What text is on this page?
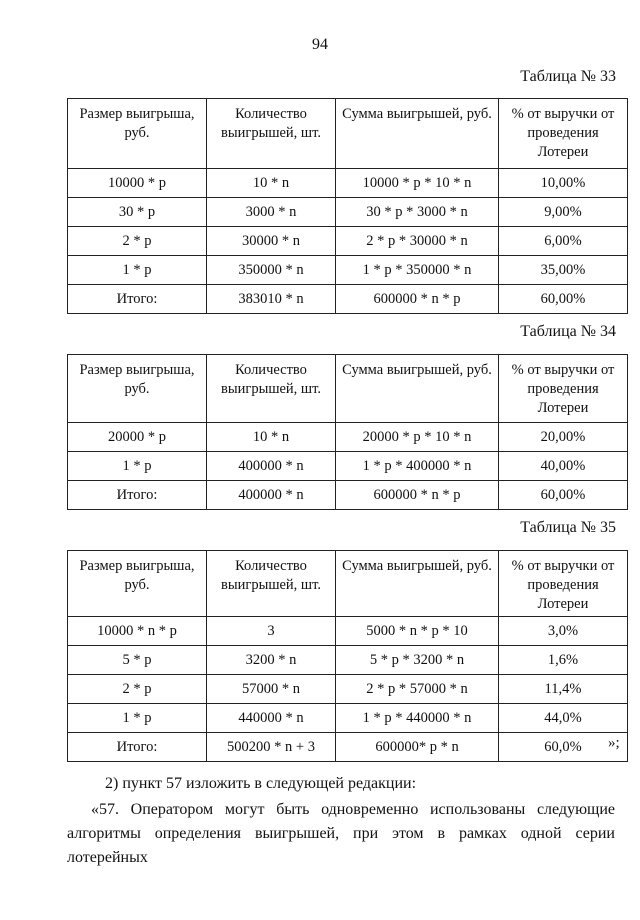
94
Таблица № 33
Размер выигрыша, руб.	Количество выигрышей, шт.	Сумма выигрышей, руб.	% от выручки от проведения Лотереи
10000 * p	10 * n	10000 * p * 10 * n	10,00%
30 * p	3000 * n	30 * p * 3000 * n	9,00%
2 * p	30000 * n	2 * p * 30000 * n	6,00%
1 * p	350000 * n	1 * p * 350000 * n	35,00%
Итого:	383010 * n	600000 * n * p	60,00%
Таблица № 34
Размер выигрыша, руб.	Количество выигрышей, шт.	Сумма выигрышей, руб.	% от выручки от проведения Лотереи
20000 * p	10 * n	20000 * p * 10 * n	20,00%
1 * p	400000 * n	1 * p * 400000 * n	40,00%
Итого:	400000 * n	600000 * n * p	60,00%
Таблица № 35
Размер выигрыша, руб.	Количество выигрышей, шт.	Сумма выигрышей, руб.	% от выручки от проведения Лотереи
10000 * n * p	3	5000 * n * p * 10	3,0%
5 * p	3200 * n	5 * p * 3200 * n	1,6%
2 * p	57000 * n	2 * p * 57000 * n	11,4%
1 * p	440000 * n	1 * p * 440000 * n	44,0%
Итого:	500200 * n + 3	600000* p * n	60,0% »;
2) пункт 57 изложить в следующей редакции:
«57. Оператором могут быть одновременно использованы следующие алгоритмы определения выигрышей, при этом в рамках одной серии лотерейных
